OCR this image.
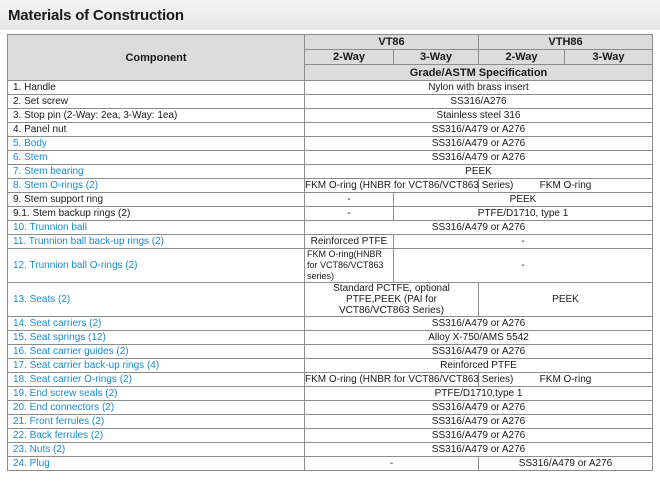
Materials of Construction
Component	VT86		VTH86	
	2-Way	3-Way	2-Way	3-Way
	Grade/ASTM Specification			
1. Handle	Nylon with brass insert			
2. Set screw	SS316/A276			
3. Stop pin (2-Way: 2ea, 3-Way: 1ea)	Stainless steel 316			
4. Panel nut	SS316/A479 or A276			
5. Body	SS316/A479 or A276			
6. Stem	SS316/A479 or A276			
7. Stem bearing	PEEK			
8. Stem O-rings (2)	FKM O-ring (HNBR for VCT86/VCT863 Series)		FKM O-ring	
9. Stem support ring	-	PEEK		
9.1. Stem backup rings (2)	-	PTFE/D1710, type 1		
10. Trunnion ball	SS316/A479 or A276			
11. Trunnion ball back-up rings (2)	Reinforced PTFE	-		
12. Trunnion ball O-rings (2)	FKM O-ring(HNBR for VCT86/VCT863 series)	-		
13. Seats (2)	Standard PCTFE, optional PTFE,PEEK (PAI for VCT86/VCT863 Series)		PEEK	
14. Seat carriers (2)	SS316/A479 or A276			
15. Seat springs (12)	Alloy X-750/AMS 5542			
16. Seat carrier guides (2)	SS316/A479 or A276			
17. Seat carrier back-up rings (4)	Reinforced PTFE			
18. Seat carrier O-rings (2)	FKM O-ring (HNBR for VCT86/VCT863 Series)		FKM O-ring	
19. End screw seals (2)	PTFE/D1710,type 1			
20. End connectors (2)	SS316/A479 or A276			
21. Front ferrules (2)	SS316/A479 or A276			
22. Back ferrules (2)	SS316/A479 or A276			
23. Nuts (2)	SS316/A479 or A276			
24. Plug	-		SS316/A479 or A276	
